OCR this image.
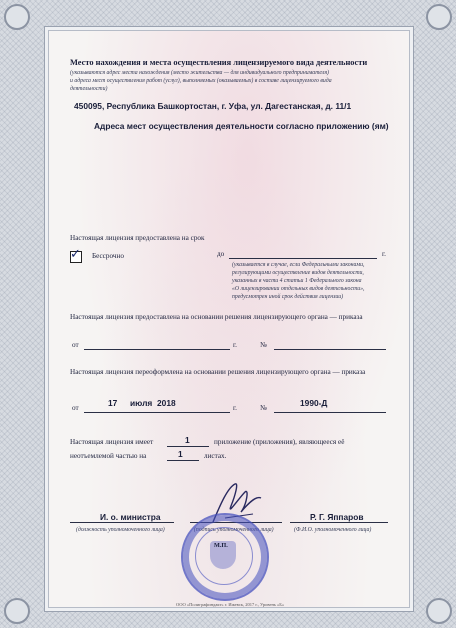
Место нахождения и места осуществления лицензируемого вида деятельности
(указываются адрес места нахождения (место жительства — для индивидуального предпринимателя)
и адреса мест осуществления работ (услуг), выполняемых (оказываемых) в составе лицензируемого вида
деятельности)
450095, Республика Башкортостан, г. Уфа, ул. Дагестанская, д. 11/1
Адреса мест осуществления деятельности согласно приложению (ям)
Настоящая лицензия предоставлена на срок
✓ Бессрочно	до	г.
(указывается в случае, если Федеральными законами,
регулирующими осуществление видов деятельности,
указанных в части 4 статьи 1 Федерального закона
«О лицензировании отдельных видов деятельности»,
предусмотрен иной срок действия лицензии)
Настоящая лицензия предоставлена на основании решения лицензирующего органа — приказа
от	г.	№
Настоящая лицензия переоформлена на основании решения лицензирующего органа — приказа
от	17 июля 2018	г.	№	1990-Д
Настоящая лицензия имеет	1	приложение (приложения), являющееся её
неотъемлемой частью на	1	листах.
И. о. министра
(должность уполномоченного лица)	(подпись уполномоченного лица)
Р. Г. Яппаров
(Ф.И.О. уполномоченного лица)
М.П.
ООО «Полиграфиндакт» г. Ижевск, 2017 г., Уровень «Б»
